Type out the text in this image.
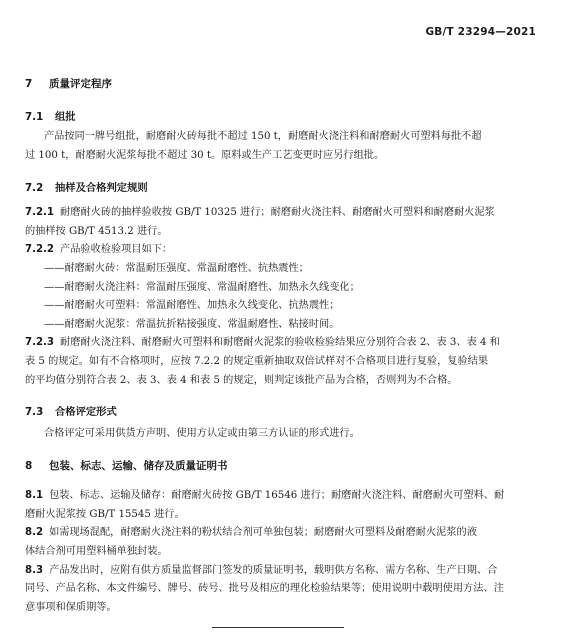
GB/T 23294—2021
7 质量评定程序
7.1 组批
产品按同一牌号组批，耐磨耐火砖每批不超过 150 t，耐磨耐火浇注料和耐磨耐火可塑料每批不超
过 100 t，耐磨耐火泥浆每批不超过 30 t。原料或生产工艺变更时应另行组批。
7.2 抽样及合格判定规则
7.2.1 耐磨耐火砖的抽样验收按 GB/T 10325 进行；耐磨耐火浇注料、耐磨耐火可塑料和耐磨耐火泥浆
的抽样按 GB/T 4513.2 进行。
7.2.2 产品验收检验项目如下：
——耐磨耐火砖：常温耐压强度、常温耐磨性、抗热震性；
——耐磨耐火浇注料：常温耐压强度、常温耐磨性、加热永久线变化；
——耐磨耐火可塑料：常温耐磨性、加热永久线变化、抗热震性；
——耐磨耐火泥浆：常温抗折粘接强度、常温耐磨性、粘接时间。
7.2.3 耐磨耐火浇注料、耐磨耐火可塑料和耐磨耐火泥浆的验收检验结果应分别符合表 2、表 3、表 4 和
表 5 的规定。如有不合格项时，应按 7.2.2 的规定重新抽取双倍试样对不合格项目进行复验，复验结果
的平均值分别符合表 2、表 3、表 4 和表 5 的规定，则判定该批产品为合格，否则判为不合格。
7.3 合格评定形式
合格评定可采用供货方声明、使用方认定或由第三方认证的形式进行。
8 包装、标志、运输、储存及质量证明书
8.1 包装、标志、运输及储存：耐磨耐火砖按 GB/T 16546 进行；耐磨耐火浇注料、耐磨耐火可塑料、耐
磨耐火泥浆按 GB/T 15545 进行。
8.2 如需现场混配，耐磨耐火浇注料的粉状结合剂可单独包装；耐磨耐火可塑料及耐磨耐火泥浆的液
体结合剂可用塑料桶单独封装。
8.3 产品发出时，应附有供方质量监督部门签发的质量证明书，载明供方名称、需方名称、生产日期、合
同号、产品名称、本文件编号、牌号、砖号、批号及相应的理化检验结果等；使用说明中载明使用方法、注
意事项和保质期等。
